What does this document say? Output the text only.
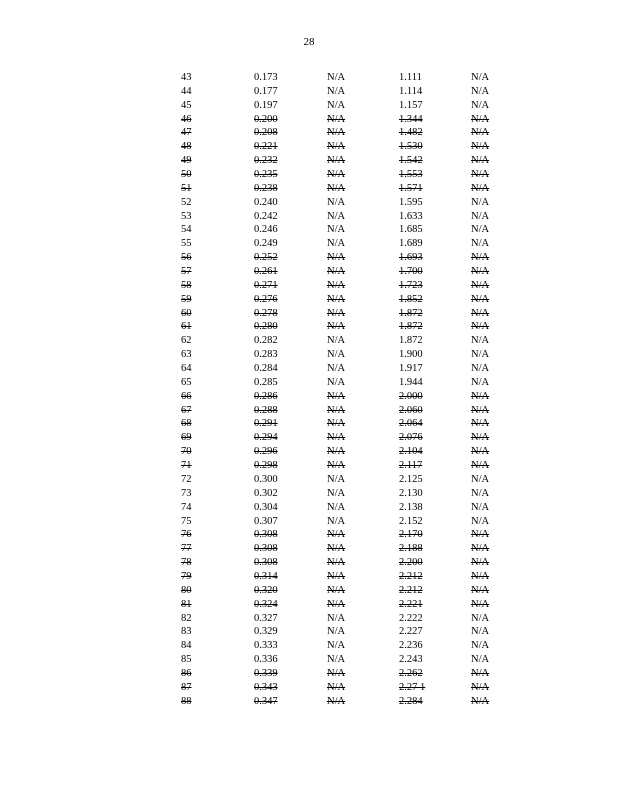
28
43	0.173	N/A	1.111	N/A
44	0.177	N/A	1.114	N/A
45	0.197	N/A	1.157	N/A
46	0.200	N/A	1.344	N/A
47	0.208	N/A	1.482	N/A
48	0.221	N/A	1.530	N/A
49	0.232	N/A	1.542	N/A
50	0.235	N/A	1.553	N/A
51	0.238	N/A	1.571	N/A
52	0.240	N/A	1.595	N/A
53	0.242	N/A	1.633	N/A
54	0.246	N/A	1.685	N/A
55	0.249	N/A	1.689	N/A
56	0.252	N/A	1.693	N/A
57	0.261	N/A	1.700	N/A
58	0.271	N/A	1.723	N/A
59	0.276	N/A	1.852	N/A
60	0.278	N/A	1.872	N/A
61	0.280	N/A	1.872	N/A
62	0.282	N/A	1.872	N/A
63	0.283	N/A	1.900	N/A
64	0.284	N/A	1.917	N/A
65	0.285	N/A	1.944	N/A
66	0.286	N/A	2.000	N/A
67	0.288	N/A	2.060	N/A
68	0.291	N/A	2.064	N/A
69	0.294	N/A	2.076	N/A
70	0.296	N/A	2.104	N/A
71	0.298	N/A	2.117	N/A
72	0.300	N/A	2.125	N/A
73	0.302	N/A	2.130	N/A
74	0.304	N/A	2.138	N/A
75	0.307	N/A	2.152	N/A
76	0.308	N/A	2.170	N/A
77	0.308	N/A	2.188	N/A
78	0.308	N/A	2.200	N/A
79	0.314	N/A	2.212	N/A
80	0.320	N/A	2.212	N/A
81	0.324	N/A	2.221	N/A
82	0.327	N/A	2.222	N/A
83	0.329	N/A	2.227	N/A
84	0.333	N/A	2.236	N/A
85	0.336	N/A	2.243	N/A
86	0.339	N/A	2.262	N/A
87	0.343	N/A	2.27 1	N/A
88	0.347	N/A	2.284	N/A
